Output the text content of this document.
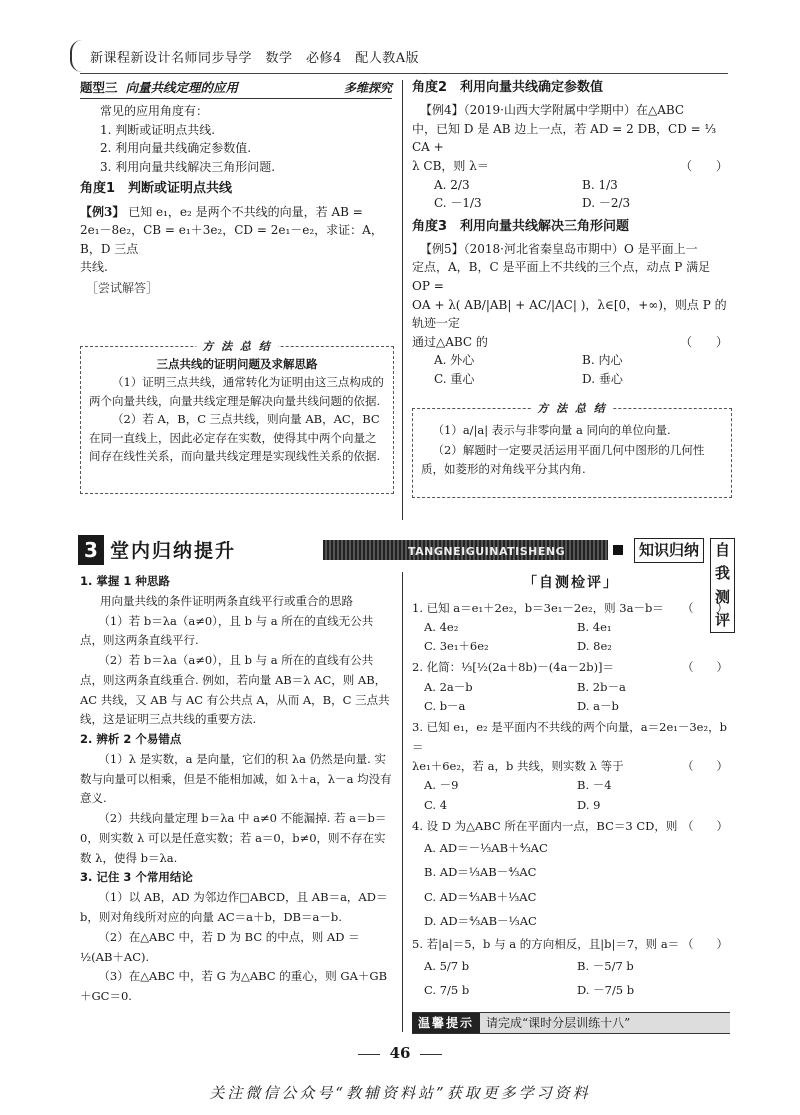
新课程新设计名师同步导学　数学　必修4　配人教A版
题型三 向量共线定理的应用	多维探究

常见的应用角度有：

1. 判断或证明点共线.

2. 利用向量共线确定参数值.

3. 利用向量共线解决三角形问题.

角度1　判断或证明点共线

【例3】 已知 e₁，e₂ 是两个不共线的向量，若 AB =

2e₁－8e₂，CB = e₁＋3e₂，CD = 2e₁－e₂，求证：A，B，D 三点

共线.

［尝试解答］

方 法 总 结

三点共线的证明问题及求解思路

（1）证明三点共线，通常转化为证明由这三点构成的两个向量共线，向量共线定理是解决向量共线问题的依据.

（2）若 A，B，C 三点共线，则向量 AB，AC，BC 在同一直线上，因此必定存在实数，使得其中两个向量之间存在线性关系，而向量共线定理是实现线性关系的依据.

角度2　利用向量共线确定参数值

【例4】（2019·山西大学附属中学期中）在△ABC

中，已知 D 是 AB 边上一点，若 AD = 2 DB，CD = ⅓ CA +

λ CB，则 λ＝	（　　）

A. 2/3	B. 1/3
C. －1/3	D. －2/3

角度3　利用向量共线解决三角形问题

【例5】（2018·河北省秦皇岛市期中）O 是平面上一

定点，A，B，C 是平面上不共线的三个点，动点 P 满足 OP =

OA + λ( AB/|AB| + AC/|AC| )，λ∈[0，+∞)，则点 P 的轨迹一定

通过△ABC 的	（　　）

A. 外心	B. 内心
C. 重心	D. 垂心
方 法 总 结

（1）a/|a| 表示与非零向量 a 同向的单位向量.

（2）解题时一定要灵活运用平面几何中图形的几何性质，如菱形的对角线平分其内角.

3 堂内归纳提升	TANGNEIGUINATISHENG	知识归纳	自我测评

1. 掌握 1 种思路

用向量共线的条件证明两条直线平行或重合的思路

（1）若 b＝λa（a≠0），且 b 与 a 所在的直线无公共点，则这两条直线平行.

（2）若 b＝λa（a≠0），且 b 与 a 所在的直线有公共点，则这两条直线重合. 例如，若向量 AB＝λ AC，则 AB，AC 共线，又 AB 与 AC 有公共点 A，从而 A，B，C 三点共线，这是证明三点共线的重要方法.

2. 辨析 2 个易错点

（1）λ 是实数，a 是向量，它们的积 λa 仍然是向量. 实数与向量可以相乘，但是不能相加减，如 λ＋a，λ－a 均没有意义.

（2）共线向量定理 b＝λa 中 a≠0 不能漏掉. 若 a＝b＝0，则实数 λ 可以是任意实数；若 a＝0，b≠0，则不存在实数 λ，使得 b＝λa.

3. 记住 3 个常用结论

（1）以 AB，AD 为邻边作□ABCD，且 AB＝a，AD＝b，则对角线所对应的向量 AC＝a＋b，DB＝a－b.

（2）在△ABC 中，若 D 为 BC 的中点，则 AD ＝ ½(AB＋AC).

（3）在△ABC 中，若 G 为△ABC 的重心，则 GA＋GB＋GC＝0.

「自测检评」

1. 已知 a＝e₁＋2e₂，b＝3e₁－2e₂，则 3a－b＝ （　　）

A. 4e₂	B. 4e₁
C. 3e₁＋6e₂	D. 8e₂

2. 化简：⅓[½(2a＋8b)－(4a－2b)]＝	（　　）

A. 2a－b	B. 2b－a
C. b－a	D. a－b

3. 已知 e₁，e₂ 是平面内不共线的两个向量，a＝2e₁－3e₂，b＝

λe₁＋6e₂，若 a，b 共线，则实数 λ 等于	（　　）

A. －9	B. －4
C. 4	D. 9

4. 设 D 为△ABC 所在平面内一点，BC＝3 CD，则 （　　）

A. AD＝－⅓AB＋⁴⁄₃AC

B. AD＝⅓AB－⁴⁄₃AC

C. AD＝⁴⁄₃AB＋⅓AC

D. AD＝⁴⁄₃AB－⅓AC

5. 若|a|＝5，b 与 a 的方向相反，且|b|＝7，则 a＝ （　　）

A. 5/7 b	B. －5/7 b
C. 7/5 b	D. －7/5 b
温馨提示 请完成“课时分层训练十八”
46
关注微信公众号“教辅资料站”获取更多学习资料
